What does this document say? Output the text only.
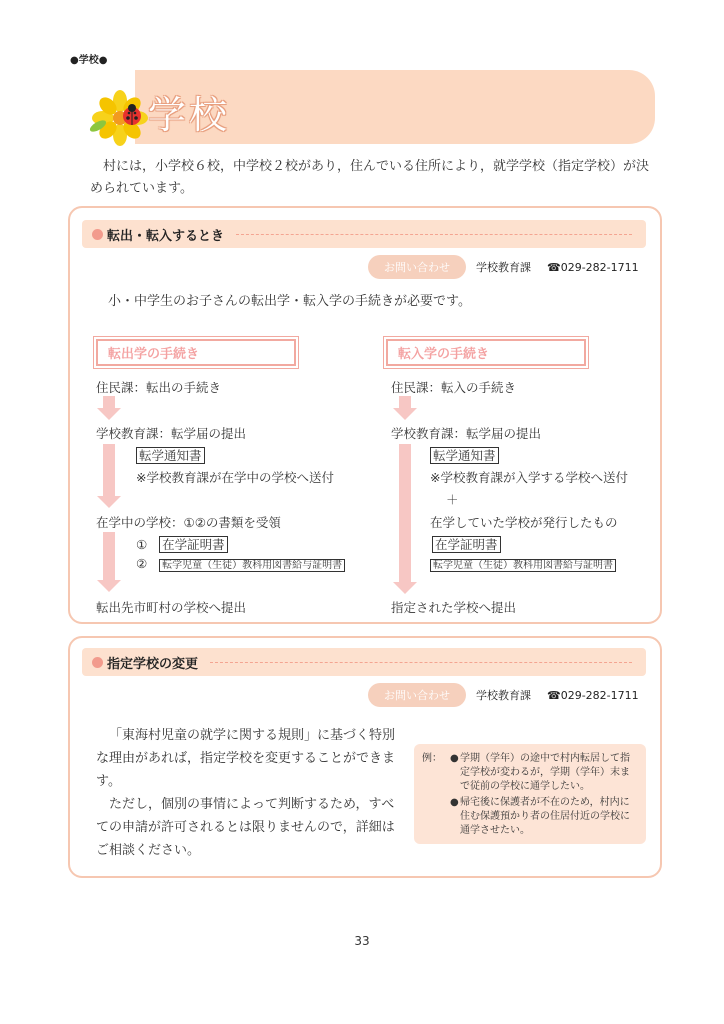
●学校●
学校
村には，小学校６校，中学校２校があり，住んでいる住所により，就学学校（指定学校）が決められています。
転出・転入するとき
お問い合わせ	学校教育課 ☎029-282-1711
小・中学生のお子さんの転出学・転入学の手続きが必要です。
転出学の手続き
住民課：転出の手続き
学校教育課：転学届の提出
転学通知書
※学校教育課が在学中の学校へ送付
在学中の学校：①②の書類を受領
① 在学証明書
② 転学児童（生徒）教科用図書給与証明書
転出先市町村の学校へ提出
転入学の手続き
住民課：転入の手続き
学校教育課：転学届の提出
転学通知書
※学校教育課が入学する学校へ送付
＋
在学していた学校が発行したもの
在学証明書
転学児童（生徒）教科用図書給与証明書
指定された学校へ提出
指定学校の変更
お問い合わせ	学校教育課 ☎029-282-1711
「東海村児童の就学に関する規則」に基づく特別な理由があれば，指定学校を変更することができます。
ただし，個別の事情によって判断するため，すべての申請が許可されるとは限りませんので，詳細はご相談ください。
例： ● 学期（学年）の途中で村内転居して指定学校が変わるが，学期（学年）末まで従前の学校に通学したい。
● 帰宅後に保護者が不在のため，村内に住む保護預かり者の住居付近の学校に通学させたい。
33
